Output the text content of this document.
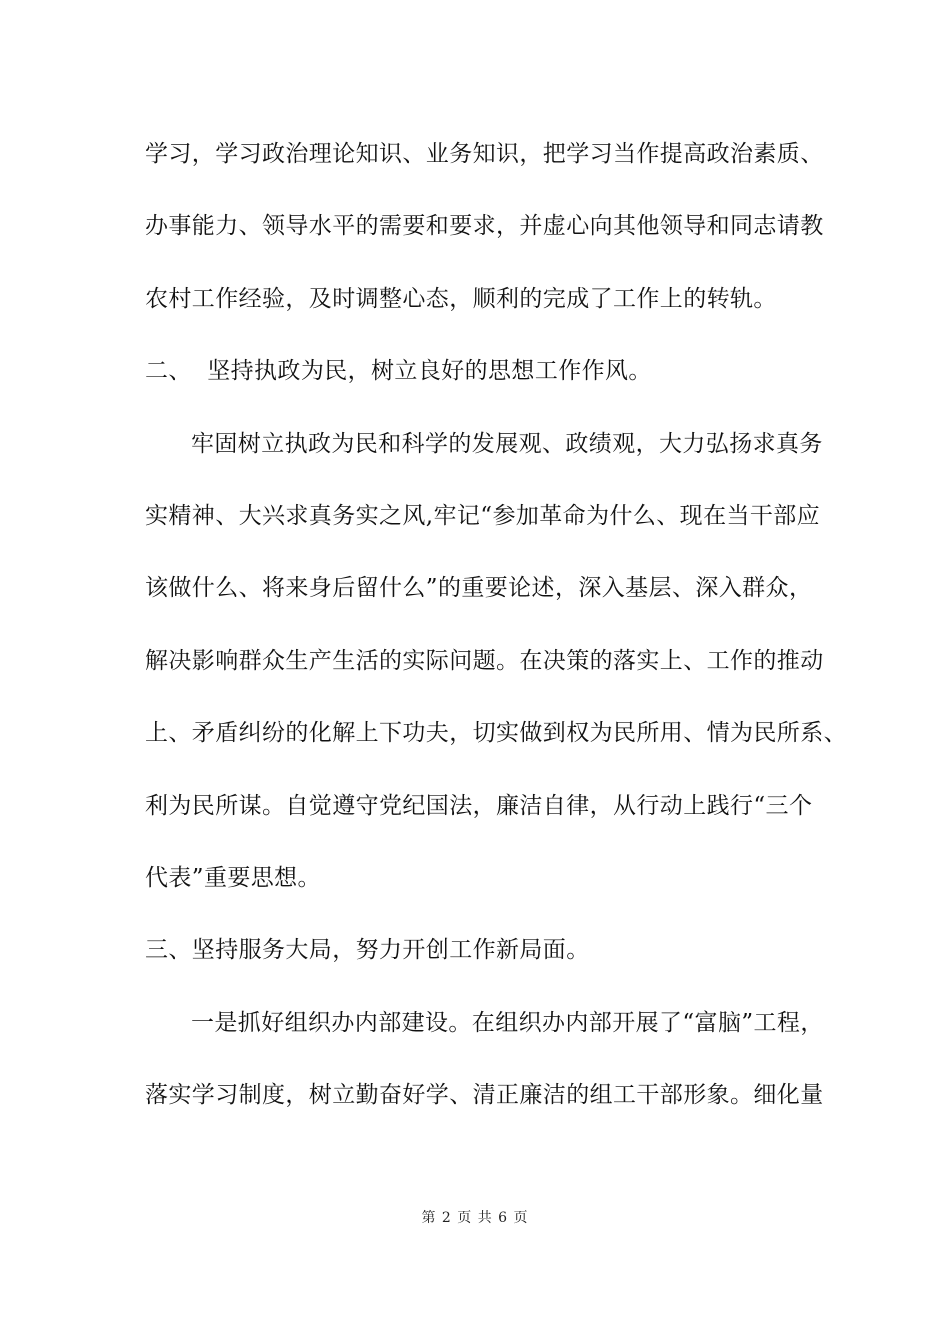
学习，学习政治理论知识、业务知识，把学习当作提高政治素质、
办事能力、领导水平的需要和要求，并虚心向其他领导和同志请教
农村工作经验，及时调整心态，顺利的完成了工作上的转轨。
二、  坚持执政为民，树立良好的思想工作作风。
牢固树立执政为民和科学的发展观、政绩观，大力弘扬求真务
实精神、大兴求真务实之风,牢记“参加革命为什么、现在当干部应
该做什么、将来身后留什么”的重要论述，深入基层、深入群众，
解决影响群众生产生活的实际问题。在决策的落实上、工作的推动
上、矛盾纠纷的化解上下功夫，切实做到权为民所用、情为民所系、
利为民所谋。自觉遵守党纪国法，廉洁自律，从行动上践行“三个
代表”重要思想。
三、坚持服务大局，努力开创工作新局面。
一是抓好组织办内部建设。在组织办内部开展了“富脑”工程，
落实学习制度，树立勤奋好学、清正廉洁的组工干部形象。细化量
第 2 页 共 6 页
